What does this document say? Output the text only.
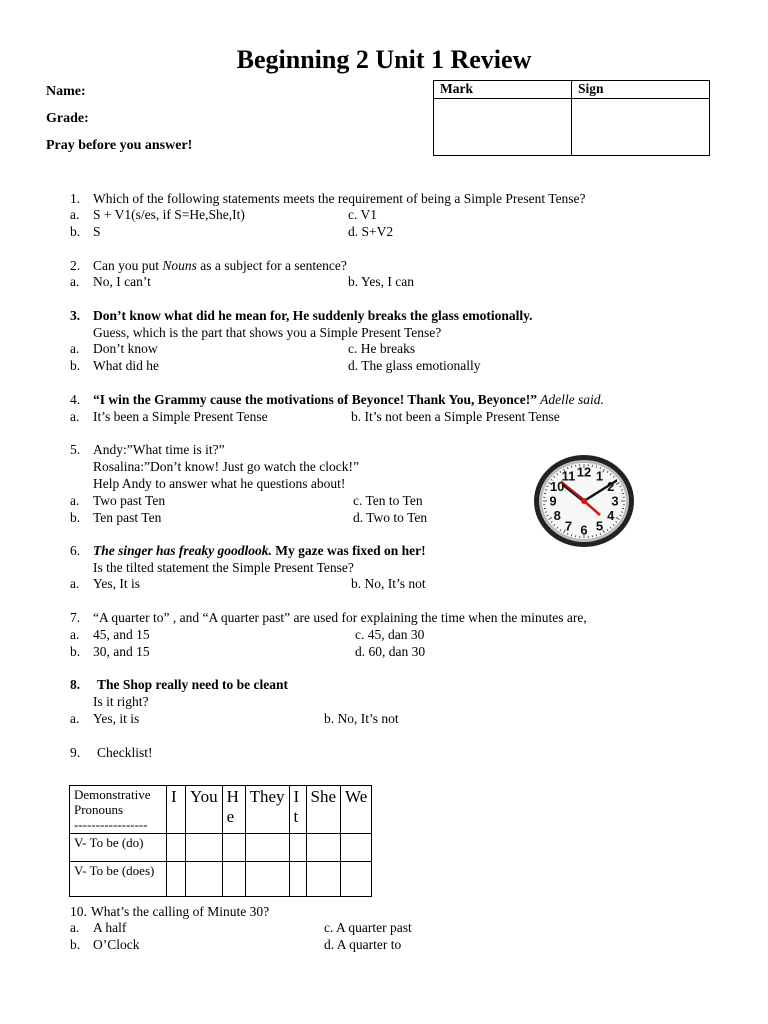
Beginning 2 Unit 1 Review
Name:
Grade:
Pray before you answer!
Mark	Sign

1. Which of the following statements meets the requirement of being a Simple Present Tense?
a. S + V1(s/es, if S=He,She,It)	c. V1
b. S	d. S+V2
2. Can you put Nouns as a subject for a sentence?
a. No, I can’t	b. Yes, I can
3. Don’t know what did he mean for, He suddenly breaks the glass emotionally.
Guess, which is the part that shows you a Simple Present Tense?
a. Don’t know	c. He breaks
b. What did he	d. The glass emotionally
4. “I win the Grammy cause the motivations of Beyonce! Thank You, Beyonce!” Adelle said.
a. It’s been a Simple Present Tense	b. It’s not been a Simple Present Tense
5. Andy:”What time is it?”
Rosalina:”Don’t know! Just go watch the clock!”
Help Andy to answer what he questions about!
a. Two past Ten	c. Ten to Ten
b. Ten past Ten	d. Two to Ten
12 1
2
3
4
5
6
7
8
9
10
11
6. The singer has freaky goodlook. My gaze was fixed on her!
Is the tilted statement the Simple Present Tense?
a. Yes, It is	b. No, It’s not
7. “A quarter to” , and “A quarter past” are used for explaining the time when the minutes are,
a. 45, and 15	c. 45, dan 30
b. 30, and 15	d. 60, dan 30
8. The Shop really need to be cleant
Is it right?
a. Yes, it is	b. No, It’s not
9. Checklist!
Demonstrative Pronouns
-----------------	I	You	H e	They	I t	She	We
V- To be (do)							
V- To be (does)							
10. What’s the calling of Minute 30?
a. A half	c. A quarter past
b. O’Clock	d. A quarter to
